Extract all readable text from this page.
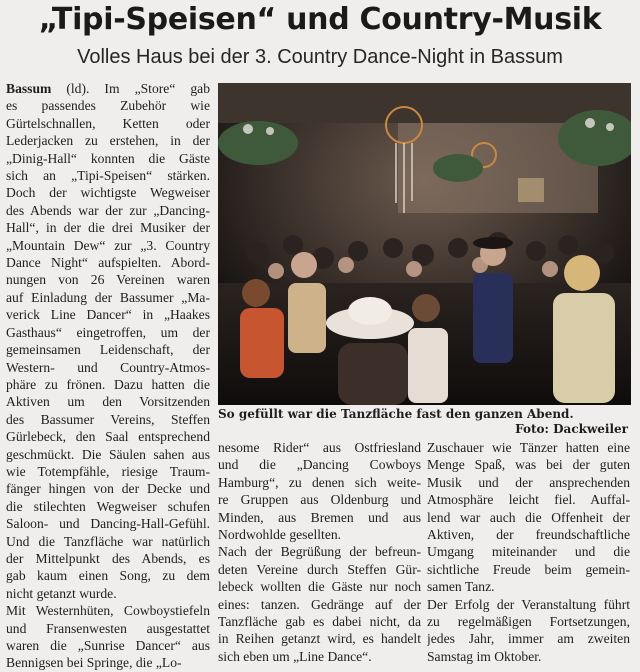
„Tipi-Speisen“ und Country-Musik
Volles Haus bei der 3. Country Dance-Night in Bassum
Bassum (ld). Im „Store“ gab
es passendes Zubehör wie
Gürtelschnallen, Ketten oder
Lederjacken zu erstehen, in der
„Dinig-Hall“ konnten die Gäste
sich an „Tipi-Speisen“ stärken.
Doch der wichtigste Wegweiser
des Abends war der zur „Dancing-
Hall“, in der die drei Musiker der
„Mountain Dew“ zur „3. Country
Dance Night“ aufspielten. Abord-
nungen von 26 Vereinen waren
auf Einladung der Bassumer „Ma-
verick Line Dancer“ in „Haakes
Gasthaus“ eingetroffen, um der
gemeinsamen Leidenschaft, der
Western- und Country-Atmos-
phäre zu frönen. Dazu hatten die
Aktiven um den Vorsitzenden
des Bassumer Vereins, Steffen
Gürlebeck, den Saal entsprechend
geschmückt. Die Säulen sahen aus
wie Totempfähle, riesige Traum-
fänger hingen von der Decke und
die stilechten Wegweiser schufen
Saloon- und Dancing-Hall-Gefühl.
Und die Tanzfläche war natürlich
der Mittelpunkt des Abends, es
gab kaum einen Song, zu dem
nicht getanzt wurde.
Mit Westernhüten, Cowboystiefeln
und Fransenwesten ausgestattet
waren die „Sunrise Dancer“ aus
Bennigsen bei Springe, die „Lo-
So gefüllt war die Tanzfläche fast den ganzen Abend.
Foto: Dackweiler
nesome Rider“ aus Ostfriesland
und die „Dancing Cowboys
Hamburg“, zu denen sich weite-
re Gruppen aus Oldenburg und
Minden, aus Bremen und aus
Nordwohlde gesellten.
Nach der Begrüßung der befreun-
deten Vereine durch Steffen Gür-
lebeck wollten die Gäste nur noch
eines: tanzen. Gedränge auf der
Tanzfläche gab es dabei nicht, da
in Reihen getanzt wird, es handelt
sich eben um „Line Dance“.
Zuschauer wie Tänzer hatten eine
Menge Spaß, was bei der guten
Musik und der ansprechenden
Atmosphäre leicht fiel. Auffal-
lend war auch die Offenheit der
Aktiven, der freundschaftliche
Umgang miteinander und die
sichtliche Freude beim gemein-
samen Tanz.
Der Erfolg der Veranstaltung führt
zu regelmäßigen Fortsetzungen,
jedes Jahr, immer am zweiten
Samstag im Oktober.
